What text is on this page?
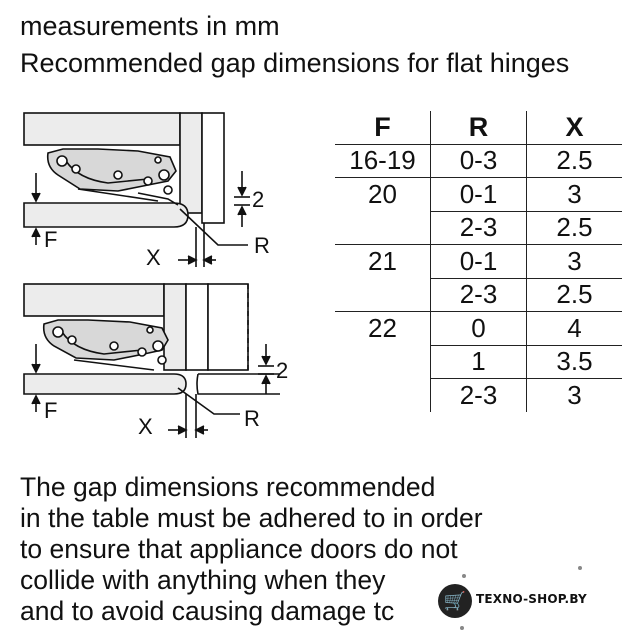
measurements in mm
Recommended gap dimensions for flat hinges
F
X	R
2
F
X	R
2
F	R	X
16-19	0-3	2.5
20	0-1	3
	2-3	2.5
21	0-1	3
	2-3	2.5
22	0	4
	1	3.5
	2-3	3
The gap dimensions recommended
in the table must be adhered to in order
to ensure that appliance doors do not
collide with anything when they
and to avoid causing damage tc	🛒 TEXNO-SHOP.BY
